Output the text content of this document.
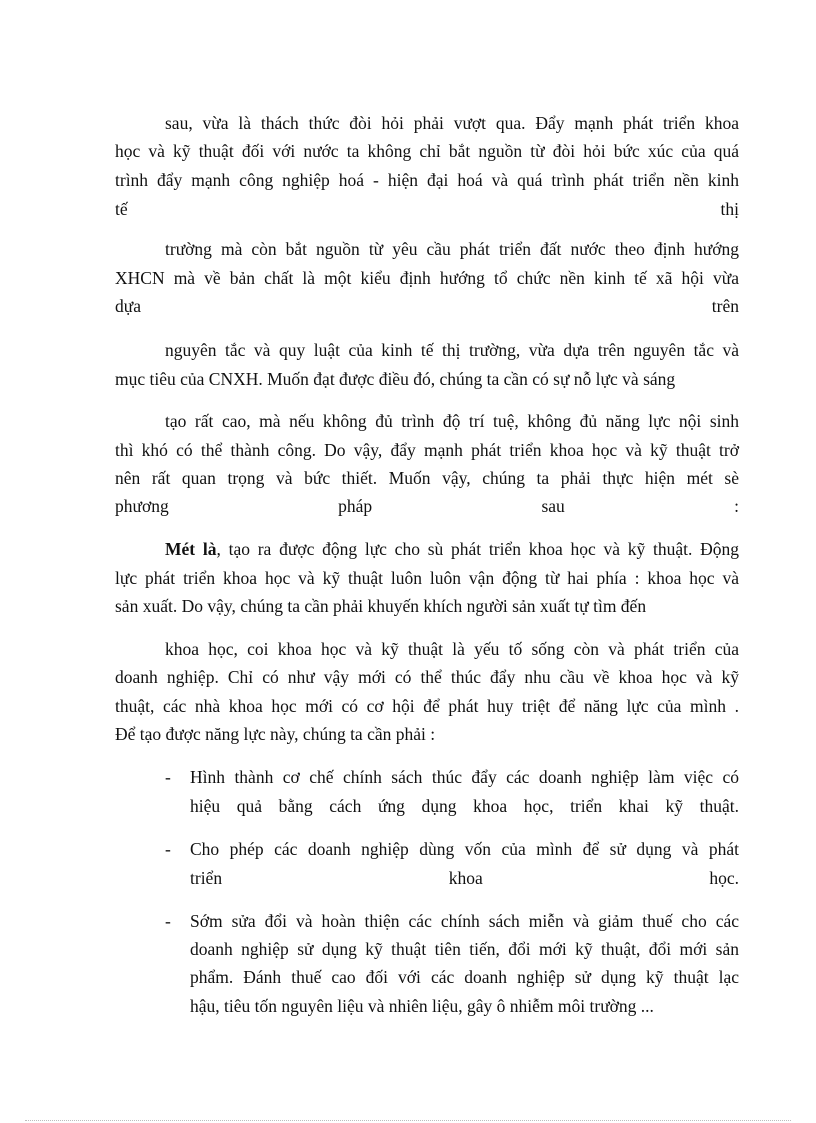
sau, vừa là thách thức đòi hỏi phải vượt qua. Đẩy mạnh phát triển khoa
học và kỹ thuật đối với nước ta không chỉ bắt nguồn từ đòi hỏi bức xúc của quá
trình đẩy mạnh công nghiệp hoá - hiện đại hoá và quá trình phát triển nền kinh
tế                                                                                   thị
trường mà còn bắt nguồn từ yêu cầu phát triển đất nước theo định hướng
XHCN mà về bản chất là một kiểu định hướng tổ chức nền kinh tế xã hội vừa
dựa                                                                          trên
nguyên tắc và quy luật của kinh tế thị trường, vừa dựa trên nguyên tắc và
mục tiêu của CNXH. Muốn đạt được điều đó, chúng ta cần có sự nỗ lực và sáng
tạo rất cao, mà nếu không đủ trình độ trí tuệ, không đủ năng lực nội sinh
thì khó có thể thành công. Do vậy, đẩy mạnh phát triển khoa học và kỹ thuật trở
nên rất quan trọng và bức thiết. Muốn vậy, chúng ta phải thực hiện mét sè
phương                    pháp                    sau                    :
Mét là, tạo ra được động lực cho sù phát triển khoa học và kỹ thuật. Động
lực phát triển khoa học và kỹ thuật luôn luôn vận động từ hai phía : khoa học và
sản xuất. Do vậy, chúng ta cần phải khuyến khích người sản xuất tự tìm đến
khoa học, coi khoa học và kỹ thuật là yếu tố sống còn và phát triển của
doanh nghiệp. Chỉ có như vậy mới có thể thúc đẩy nhu cầu về khoa học và kỹ
thuật, các nhà khoa học mới có cơ hội để phát huy triệt để năng lực của mình .
Để tạo được năng lực này, chúng ta cần phải :
- Hình thành cơ chế chính sách thúc đẩy các doanh nghiệp làm việc có
hiệu quả bằng cách ứng dụng khoa học, triển khai kỹ thuật.
- Cho phép các doanh nghiệp dùng vốn của mình để sử dụng và phát
triển                              khoa                              học.
- Sớm sửa đổi và hoàn thiện các chính sách miễn và giảm thuế cho các
doanh nghiệp sử dụng kỹ thuật tiên tiến, đổi mới kỹ thuật, đổi mới sản
phẩm. Đánh thuế cao đối với các doanh nghiệp sử dụng kỹ thuật lạc
hậu, tiêu tốn nguyên liệu và nhiên liệu, gây ô nhiễm môi trường ...
